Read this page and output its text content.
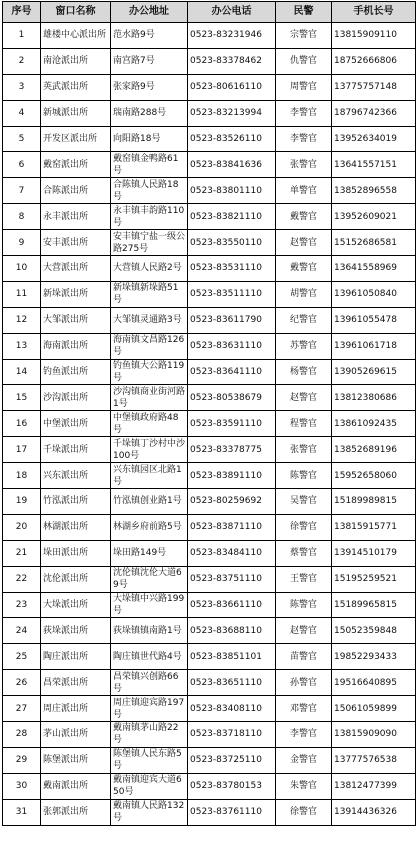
序号	窗口名称	办公地址	办公电话	民警	手机长号
1	雄楼中心派出所	范水路9号	0523-83231946	宗警官	13815909110
2	南沧派出所	南宫路7号	0523-83378462	仇警官	18752666806
3	英武派出所	张家路9号	0523-80616110	周警官	13775757148
4	新城派出所	瑞南路288号	0523-83213994	李警官	18796742366
5	开发区派出所	向阳路18号	0523-83526110	李警官	13952634019
6	戴窑派出所	戴窑镇金鸭路61号	0523-83841636	张警官	13641557151
7	合陈派出所	合陈镇人民路18号	0523-83801110	单警官	13852896558
8	永丰派出所	永丰镇丰韵路110号	0523-83821110	戴警官	13952609021
9	安丰派出所	安丰镇宁盐一级公路275号	0523-83550110	赵警官	15152686581
10	大营派出所	大营镇人民路2号	0523-83531110	戴警官	13641558969
11	新垛派出所	新垛镇新垛路51号	0523-83511110	胡警官	13961050840
12	大邹派出所	大邹镇灵通路3号	0523-83611790	纪警官	13961055478
13	海南派出所	海南镇文昌路126号	0523-83631110	苏警官	13961061718
14	钓鱼派出所	钓鱼镇大公路119号	0523-83641110	杨警官	13905269615
15	沙沟派出所	沙沟镇商业街河路1号	0523-80538679	赵警官	13812380686
16	中堡派出所	中堡镇政府路48号	0523-83591110	程警官	13861092435
17	千垛派出所	千垛镇丁沙村中沙100号	0523-83378775	张警官	13852689196
18	兴东派出所	兴东镇园区北路1号	0523-83891110	陈警官	15952658060
19	竹泓派出所	竹泓镇创业路1号	0523-80259692	吴警官	15189989815
20	林湖派出所	林湖乡府前路5号	0523-83871110	徐警官	13815915771
21	垛田派出所	垛田路149号	0523-83484110	蔡警官	13914510179
22	沈伦派出所	沈伦镇沈伦大道69号	0523-83751110	王警官	15195259521
23	大垛派出所	大垛镇中兴路199号	0523-83661110	陈警官	15189965815
24	荻垛派出所	荻垛镇镇南路1号	0523-83688110	赵警官	15052359848
25	陶庄派出所	陶庄镇世代路4号	0523-83851101	苗警官	19852293433
26	昌荣派出所	昌荣镇兴创路66号	0523-83651110	孙警官	19516640895
27	周庄派出所	周庄镇迎宾路197号	0523-83408110	邓警官	15061059899
28	茅山派出所	戴南镇茅山路22号	0523-83718110	李警官	13815909090
29	陈堡派出所	陈堡镇人民东路5号	0523-83725110	金警官	13777576538
30	戴南派出所	戴南镇迎宾大道650号	0523-83780153	朱警官	13812477399
31	张郭派出所	戴南镇人民路132号	0523-83761110	徐警官	13914436326
